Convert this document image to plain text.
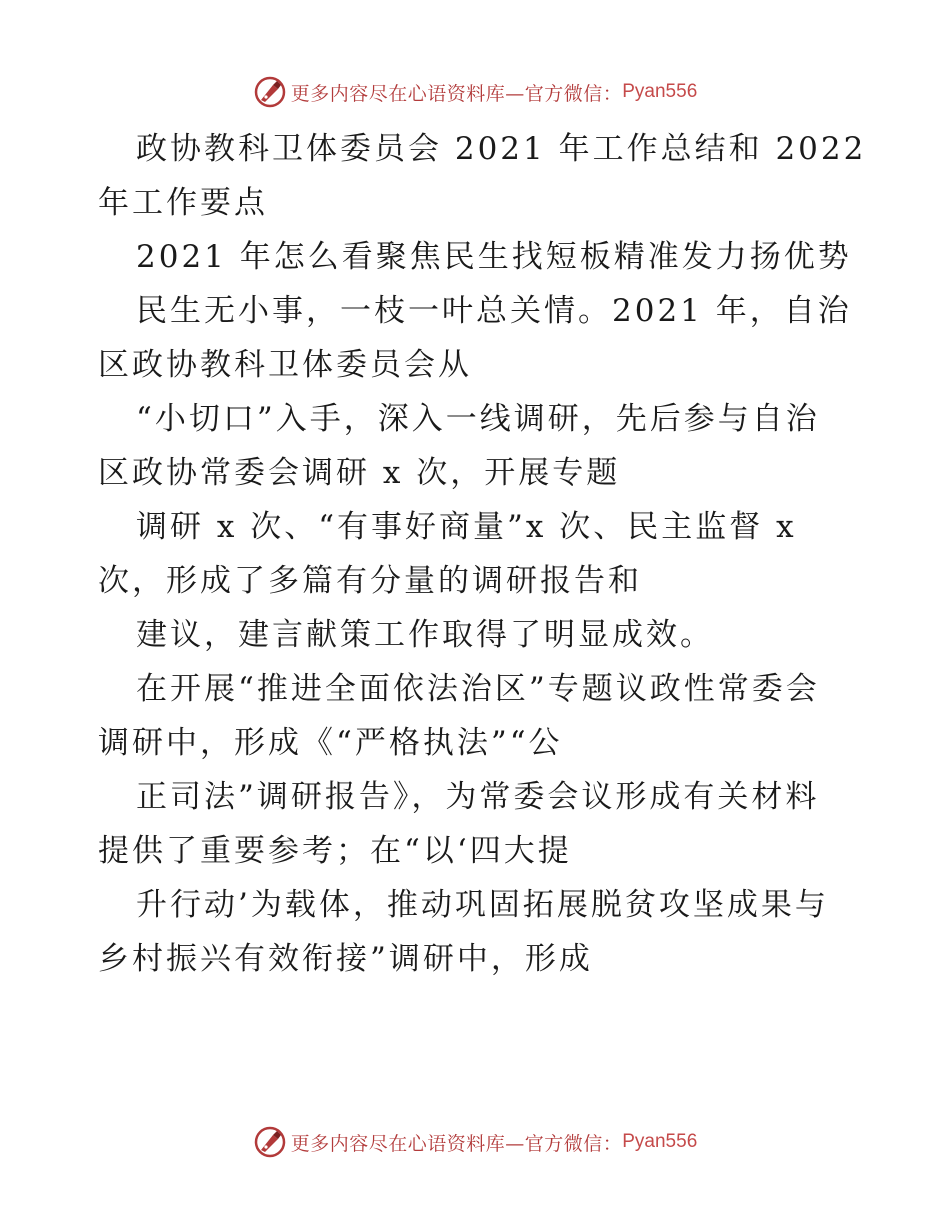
更多内容尽在心语资料库—官方微信： Pyan556
政协教科卫体委员会 2021 年工作总结和 2022
年工作要点
2021 年怎么看聚焦民生找短板精准发力扬优势
民生无小事，一枝一叶总关情。2021 年，自治
区政协教科卫体委员会从
“小切口”入手，深入一线调研，先后参与自治
区政协常委会调研 x 次，开展专题
调研 x 次、“有事好商量”x 次、民主监督 x
次，形成了多篇有分量的调研报告和
建议，建言献策工作取得了明显成效。
在开展“推进全面依法治区”专题议政性常委会
调研中，形成《“严格执法”“公
正司法”调研报告》，为常委会议形成有关材料
提供了重要参考；在“以‘四大提
升行动’为载体，推动巩固拓展脱贫攻坚成果与
乡村振兴有效衔接”调研中，形成
更多内容尽在心语资料库—官方微信： Pyan556
